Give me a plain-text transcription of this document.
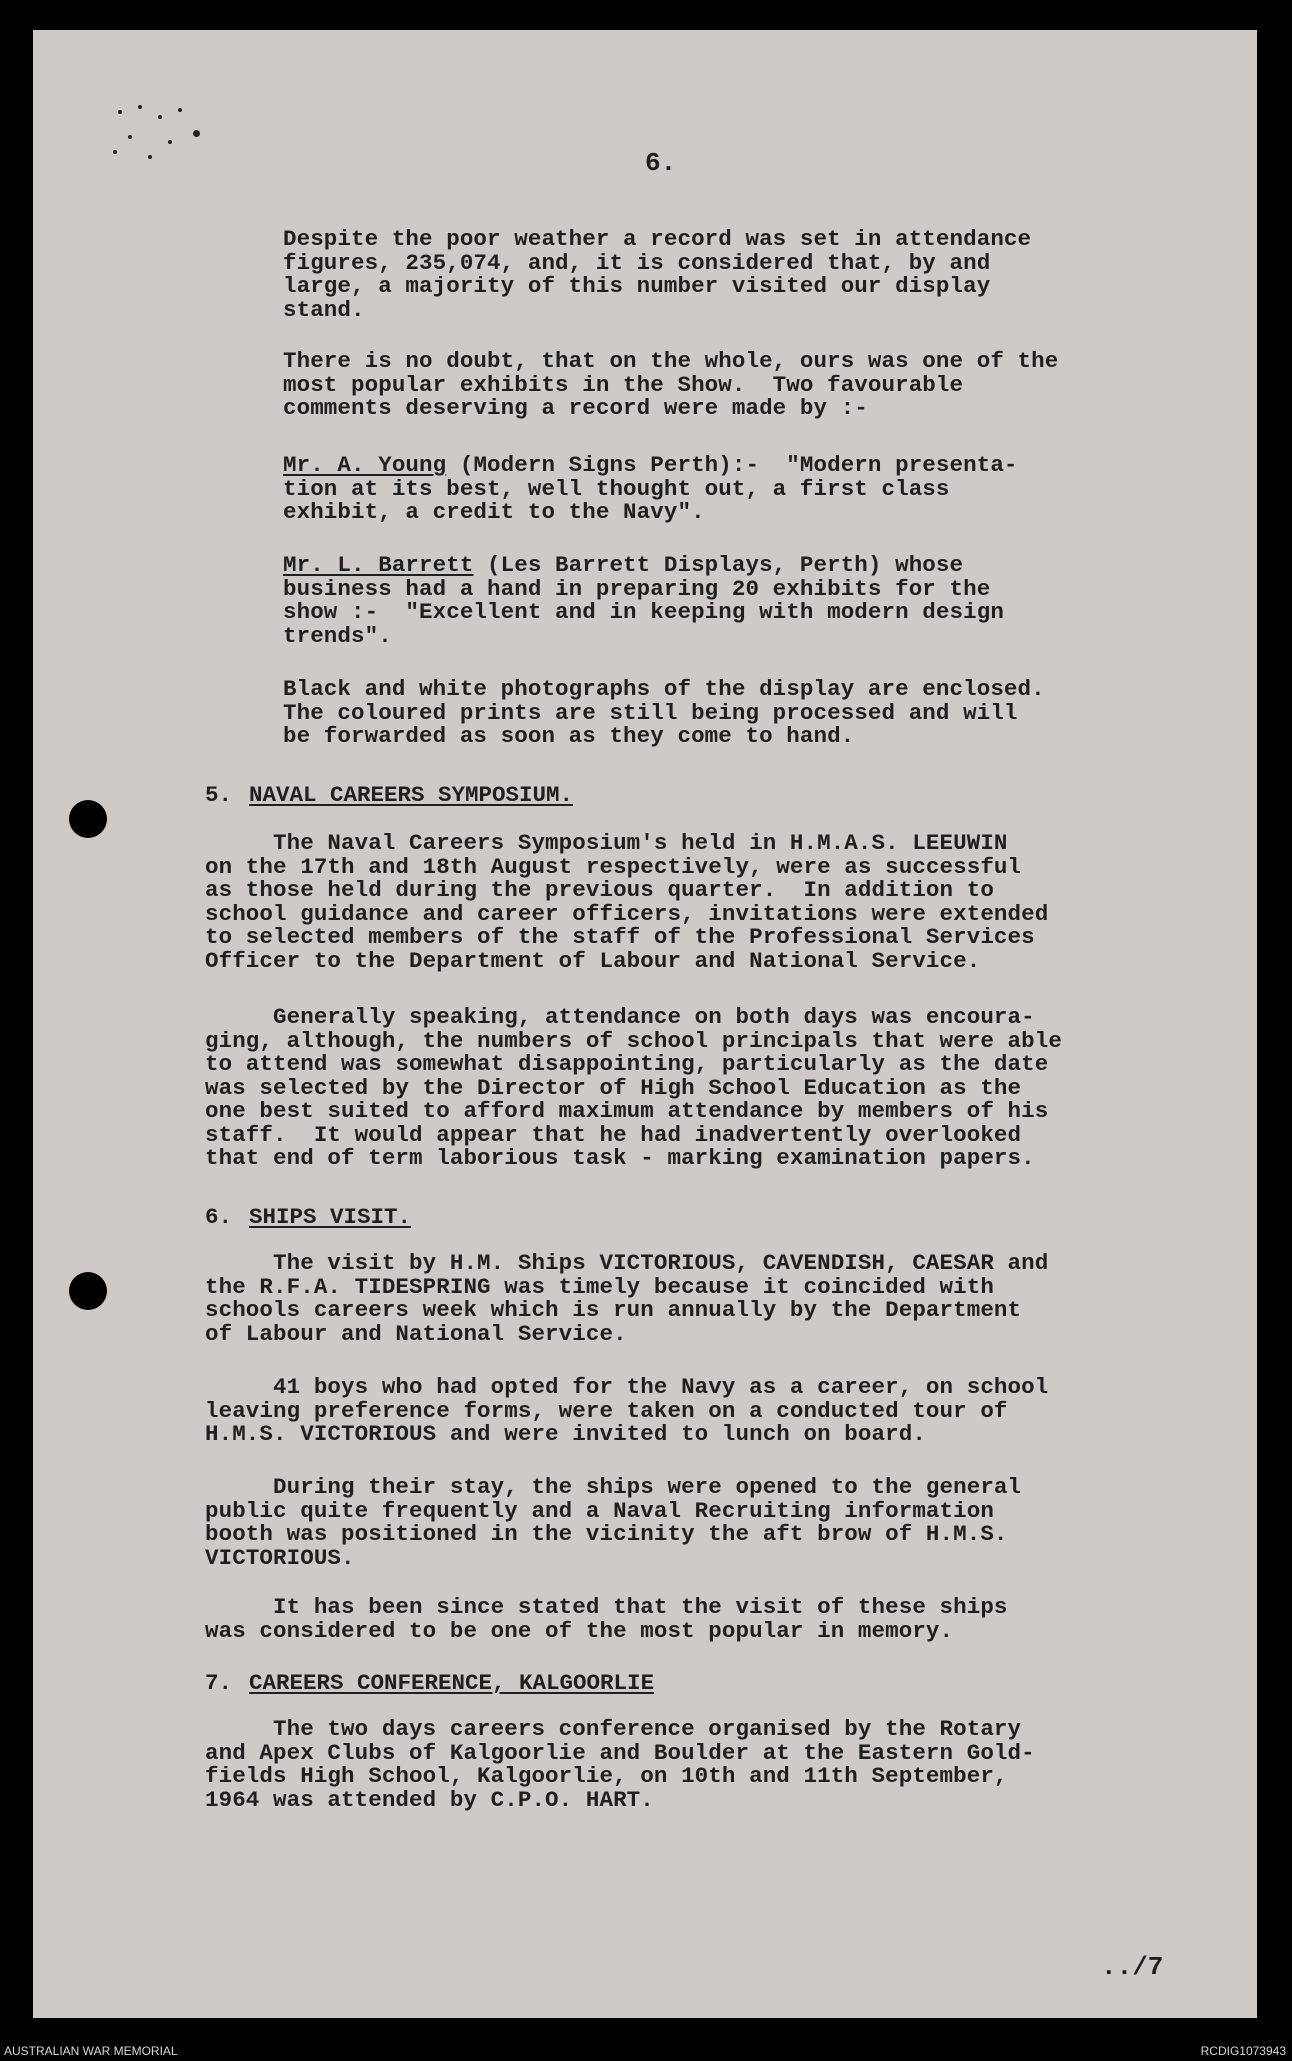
6.
Despite the poor weather a record was set in attendance
figures, 235,074, and, it is considered that, by and
large, a majority of this number visited our display
stand.
There is no doubt, that on the whole, ours was one of the
most popular exhibits in the Show.  Two favourable
comments deserving a record were made by :-
Mr. A. Young (Modern Signs Perth):-  "Modern presenta-
tion at its best, well thought out, a first class
exhibit, a credit to the Navy".
Mr. L. Barrett (Les Barrett Displays, Perth) whose
business had a hand in preparing 20 exhibits for the
show :-  "Excellent and in keeping with modern design
trends".
Black and white photographs of the display are enclosed.
The coloured prints are still being processed and will
be forwarded as soon as they come to hand.
5. NAVAL CAREERS SYMPOSIUM.
The Naval Careers Symposium's held in H.M.A.S. LEEUWIN
on the 17th and 18th August respectively, were as successful
as those held during the previous quarter.  In addition to
school guidance and career officers, invitations were extended
to selected members of the staff of the Professional Services
Officer to the Department of Labour and National Service.
Generally speaking, attendance on both days was encoura-
ging, although, the numbers of school principals that were able
to attend was somewhat disappointing, particularly as the date
was selected by the Director of High School Education as the
one best suited to afford maximum attendance by members of his
staff.  It would appear that he had inadvertently overlooked
that end of term laborious task - marking examination papers.
6. SHIPS VISIT.
The visit by H.M. Ships VICTORIOUS, CAVENDISH, CAESAR and
the R.F.A. TIDESPRING was timely because it coincided with
schools careers week which is run annually by the Department
of Labour and National Service.
41 boys who had opted for the Navy as a career, on school
leaving preference forms, were taken on a conducted tour of
H.M.S. VICTORIOUS and were invited to lunch on board.
During their stay, the ships were opened to the general
public quite frequently and a Naval Recruiting information
booth was positioned in the vicinity the aft brow of H.M.S.
VICTORIOUS.
It has been since stated that the visit of these ships
was considered to be one of the most popular in memory.
7. CAREERS CONFERENCE, KALGOORLIE
The two days careers conference organised by the Rotary
and Apex Clubs of Kalgoorlie and Boulder at the Eastern Gold-
fields High School, Kalgoorlie, on 10th and 11th September,
1964 was attended by C.P.O. HART.
../7
AUSTRALIAN WAR MEMORIAL	RCDIG1073943
